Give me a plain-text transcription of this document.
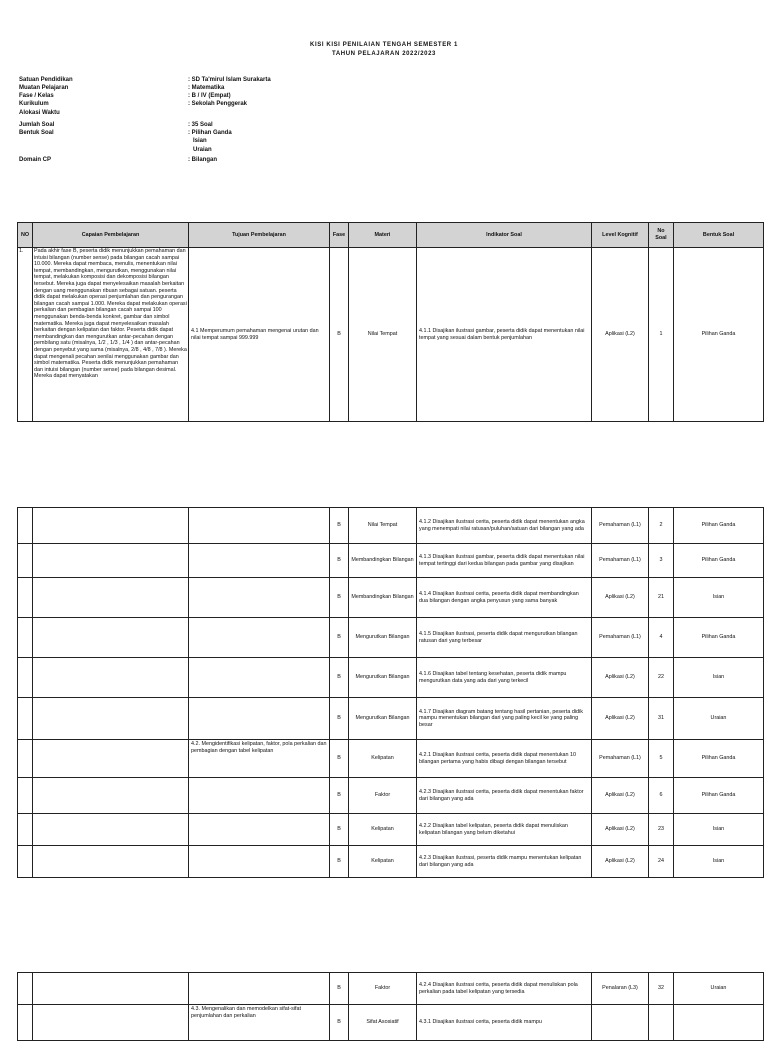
KISI KISI PENILAIAN TENGAH SEMESTER 1
TAHUN PELAJARAN 2022/2023
Satuan Pendidikan	: SD Ta'mirul Islam Surakarta
Muatan Pelajaran	: Matematika
Fase / Kelas	: B / IV (Empat)
Kurikulum	: Sekolah Penggerak
Alokasi Waktu
Jumlah Soal	: 35 Soal
Bentuk Soal	: Pilihan Ganda
Isian
Uraian
Domain CP	: Bilangan
NO	Capaian Pembelajaran	Tujuan Pembelajaran	Fase	Materi	Indikator Soal	Level Kognitif	No Soal	Bentuk Soal
1.	Pada akhir fase B, peserta didik menunjukkan pemahaman dan intuisi bilangan (number sense) pada bilangan cacah sampai 10.000. Mereka dapat membaca, menulis, menentukan nilai tempat, membandingkan, mengurutkan, menggunakan nilai tempat, melakukan komposisi dan dekomposisi bilangan tersebut. Mereka juga dapat menyelesaikan masalah berkaitan dengan uang menggunakan ribuan sebagai satuan. peserta didik dapat melakukan operasi penjumlahan dan pengurangan bilangan cacah sampai 1.000. Mereka dapat melakukan operasi perkalian dan pembagian bilangan cacah sampai 100 menggunakan benda-benda konkret, gambar dan simbol matematika. Mereka juga dapat menyelesaikan masalah berkaitan dengan kelipatan dan faktor. Peserta didik dapat membandingkan dan mengurutkan antar-pecahan dengan pembilang satu (misalnya, 1/2 , 1/3 , 1/4 ) dan antar-pecahan dengan penyebut yang sama (misalnya, 2/8 , 4/8 , 7/8 ). Mereka dapat mengenali pecahan senilai menggunakan gambar dan simbol matematika. Peserta didik menunjukkan pemahaman dan intuisi bilangan (number sense) pada bilangan desimal. Mereka dapat menyatakan	4.1 Memperumum pemahaman mengenai urutan dan nilai tempat sampai 999.999	B	Nilai Tempat	4.1.1 Disajikan ilustrasi gambar, peserta didik dapat menentukan nilai tempat yang sesuai dalam bentuk penjumlahan	Aplikasi (L2)	1	Pilihan Ganda
			B	Nilai Tempat	4.1.2 Disajikan ilustrasi cerita, peserta didik dapat menentukan angka yang menempati nilai ratusan/puluhan/satuan dari bilangan yang ada	Pemahaman (L1)	2	Pilihan Ganda
			B	Membandingkan Bilangan	4.1.3 Disajikan ilustrasi gambar, peserta didik dapat menentukan nilai tempat tertinggi dari kedua bilangan pada gambar yang disajikan	Pemahaman (L1)	3	Pilihan Ganda
			B	Membandingkan Bilangan	4.1.4 Disajikan ilustrasi cerita, peserta didik dapat membandingkan dua bilangan dengan angka penyusun yang sama banyak	Aplikasi (L2)	21	Isian
			B	Mengurutkan Bilangan	4.1.5 Disajikan ilustrasi, peserta didik dapat mengurutkan bilangan ratusan dari yang terbesar	Pemahaman (L1)	4	Pilihan Ganda
			B	Mengurutkan Bilangan	4.1.6 Disajikan tabel tentang kesehatan, peserta didik mampu mengurutkan data yang ada dari yang terkecil	Aplikasi (L2)	22	Isian
			B	Mengurutkan Bilangan	4.1.7 Disajikan diagram batang tentang hasil pertanian, peserta didik mampu menentukan bilangan dari yang paling kecil ke yang paling besar	Aplikasi (L2)	31	Uraian
		4.2. Mengidentifikasi kelipatan, faktor, pola perkalian dan pembagian dengan tabel kelipatan	B	Kelipatan	4.2.1 Disajikan ilustrasi cerita, peserta didik dapat menentukan 10 bilangan pertama yang habis dibagi dengan bilangan tersebut	Pemahaman (L1)	5	Pilihan Ganda
			B	Faktor	4.2.3 Disajikan ilustrasi cerita, peserta didik dapat menentukan faktor dari bilangan yang ada	Aplikasi (L2)	6	Pilihan Ganda
			B	Kelipatan	4.2.2 Disajikan tabel kelipatan, peserta didik dapat menuliskan kelipatan bilangan yang belum diketahui	Aplikasi (L2)	23	Isian
			B	Kelipatan	4.2.3 Disajikan ilustrasi, peserta didik mampu menentukan kelipatan dari bilangan yang ada	Aplikasi (L2)	24	Isian
			B	Faktor	4.2.4 Disajikan ilustrasi cerita, peserta didik dapat menuliskan pola perkalian pada tabel kelipatan yang tersedia	Penalaran (L3)	32	Uraian
		4.3. Mengenalikan dan memodelkan sifat-sifat penjumlahan dan perkalian	B	Sifat Asosiatif	4.3.1 Disajikan ilustrasi cerita, peserta didik mampu			
